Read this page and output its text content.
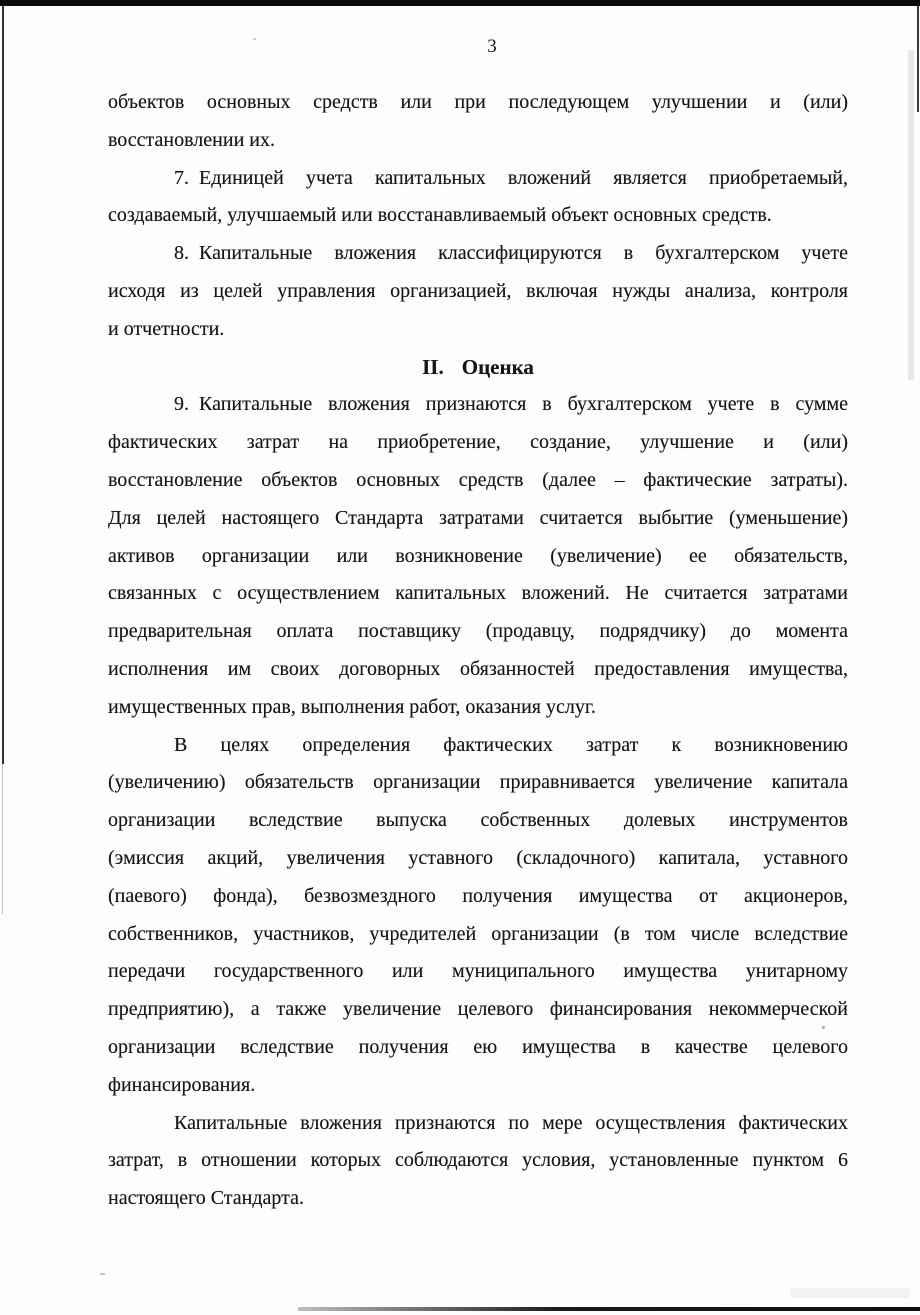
3
объектов основных средств или при последующем улучшении и (или)
восстановлении их.
7. Единицей учета капитальных вложений является приобретаемый,
создаваемый, улучшаемый или восстанавливаемый объект основных средств.
8. Капитальные вложения классифицируются в бухгалтерском учете
исходя из целей управления организацией, включая нужды анализа, контроля
и отчетности.
II. Оценка
9. Капитальные вложения признаются в бухгалтерском учете в сумме
фактических затрат на приобретение, создание, улучшение и (или)
восстановление объектов основных средств (далее – фактические затраты).
Для целей настоящего Стандарта затратами считается выбытие (уменьшение)
активов организации или возникновение (увеличение) ее обязательств,
связанных с осуществлением капитальных вложений. Не считается затратами
предварительная оплата поставщику (продавцу, подрядчику) до момента
исполнения им своих договорных обязанностей предоставления имущества,
имущественных прав, выполнения работ, оказания услуг.
В целях определения фактических затрат к возникновению
(увеличению) обязательств организации приравнивается увеличение капитала
организации вследствие выпуска собственных долевых инструментов
(эмиссия акций, увеличения уставного (складочного) капитала, уставного
(паевого) фонда), безвозмездного получения имущества от акционеров,
собственников, участников, учредителей организации (в том числе вследствие
передачи государственного или муниципального имущества унитарному
предприятию), а также увеличение целевого финансирования некоммерческой
организации вследствие получения ею имущества в качестве целевого
финансирования.
Капитальные вложения признаются по мере осуществления фактических
затрат, в отношении которых соблюдаются условия, установленные пунктом 6
настоящего Стандарта.
